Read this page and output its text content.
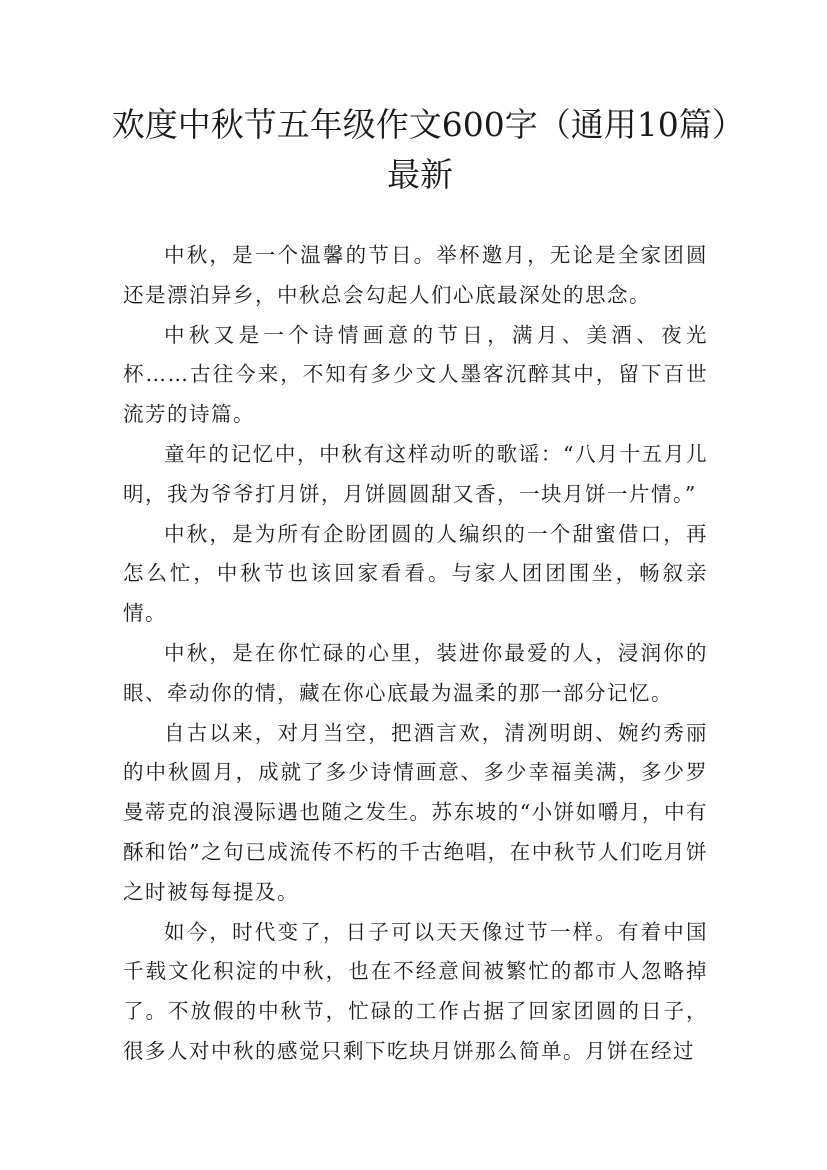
欢度中秋节五年级作文600字（通用10篇）最新

中秋，是一个温馨的节日。举杯邀月，无论是全家团圆还是漂泊异乡，中秋总会勾起人们心底最深处的思念。

中秋又是一个诗情画意的节日，满月、美酒、夜光杯……古往今来，不知有多少文人墨客沉醉其中，留下百世流芳的诗篇。

童年的记忆中，中秋有这样动听的歌谣：“八月十五月儿明，我为爷爷打月饼，月饼圆圆甜又香，一块月饼一片情。”

中秋，是为所有企盼团圆的人编织的一个甜蜜借口，再怎么忙，中秋节也该回家看看。与家人团团围坐，畅叙亲情。

中秋，是在你忙碌的心里，装进你最爱的人，浸润你的眼、牵动你的情，藏在你心底最为温柔的那一部分记忆。

自古以来，对月当空，把酒言欢，清冽明朗、婉约秀丽的中秋圆月，成就了多少诗情画意、多少幸福美满，多少罗曼蒂克的浪漫际遇也随之发生。苏东坡的“小饼如嚼月，中有酥和饴”之句已成流传不朽的千古绝唱，在中秋节人们吃月饼之时被每每提及。

如今，时代变了，日子可以天天像过节一样。有着中国千载文化积淀的中秋，也在不经意间被繁忙的都市人忽略掉了。不放假的中秋节，忙碌的工作占据了回家团圆的日子，很多人对中秋的感觉只剩下吃块月饼那么简单。月饼在经过
